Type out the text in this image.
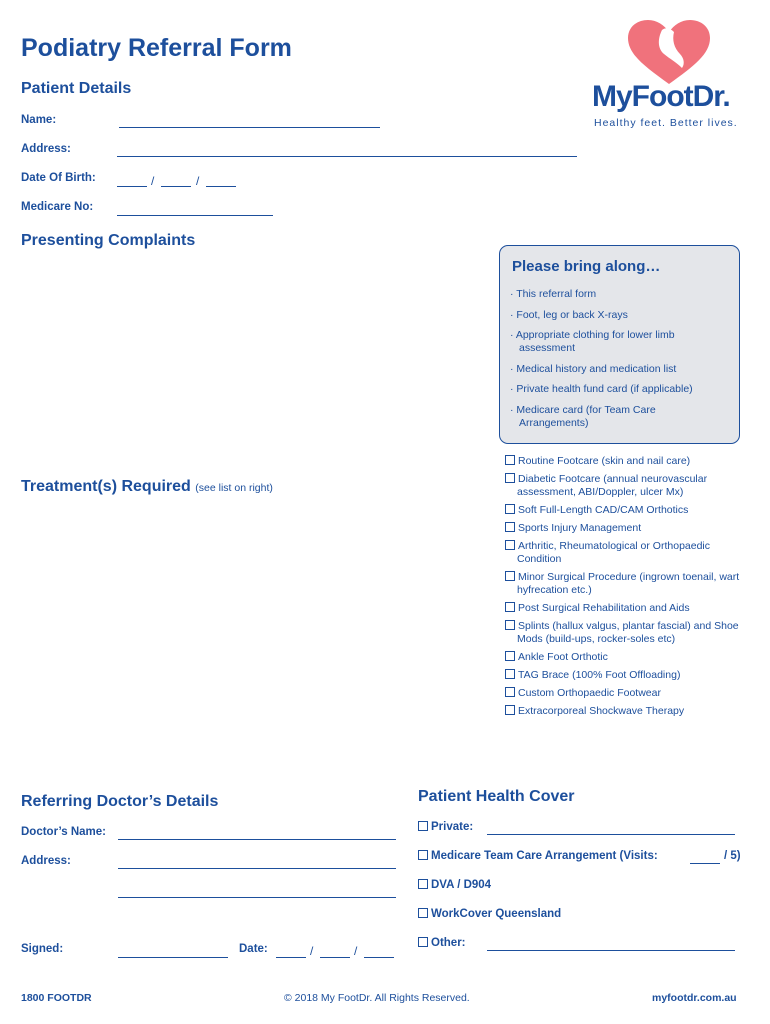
Podiatry Referral Form
MyFootDr.
Healthy feet. Better lives.
Patient Details
Name:
Address:
Date Of Birth:	/	/
Medicare No:
Presenting Complaints
Please bring along…
· This referral form
· Foot, leg or back X-rays
· Appropriate clothing for lower limb assessment
· Medical history and medication list
· Private health fund card (if applicable)
· Medicare card (for Team Care Arrangements)
Treatment(s) Required (see list on right)
Routine Footcare (skin and nail care)
Diabetic Footcare (annual neurovascular assessment, ABI/Doppler, ulcer Mx)
Soft Full-Length CAD/CAM Orthotics
Sports Injury Management
Arthritic, Rheumatological or Orthopaedic Condition
Minor Surgical Procedure (ingrown toenail, wart hyfrecation etc.)
Post Surgical Rehabilitation and Aids
Splints (hallux valgus, plantar fascial) and Shoe Mods (build-ups, rocker-soles etc)
Ankle Foot Orthotic
TAG Brace (100% Foot Offloading)
Custom Orthopaedic Footwear
Extracorporeal Shockwave Therapy
Referring Doctor’s Details
Doctor’s Name:
Address:
Signed:	Date:	/	/
Patient Health Cover
Private:
Medicare Team Care Arrangement (Visits:	/ 5)
DVA / D904
WorkCover Queensland
Other:
1800 FOOTDR	© 2018 My FootDr. All Rights Reserved.	myfootdr.com.au
